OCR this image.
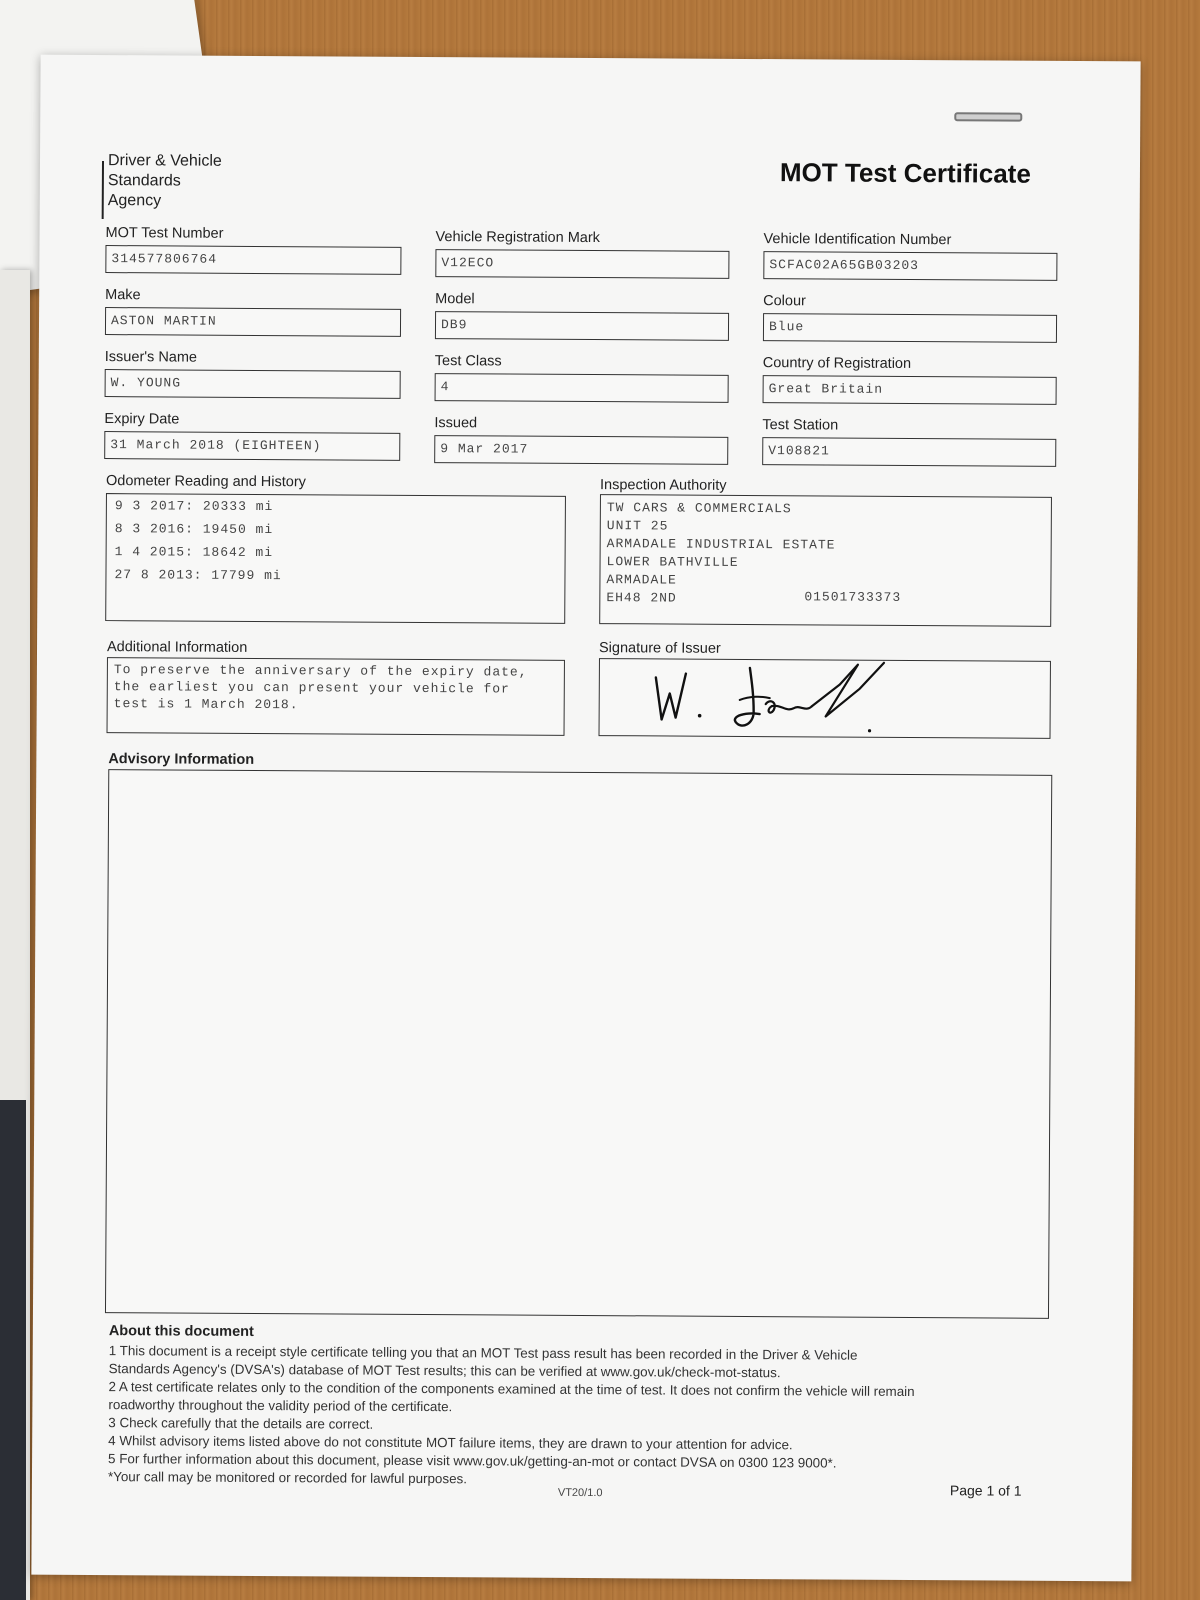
Driver & Vehicle
Standards
Agency
MOT Test Certificate
MOT Test Number
314577806764
Vehicle Registration Mark
V12ECO
Vehicle Identification Number
SCFAC02A65GB03203
Make
ASTON MARTIN
Model
DB9
Colour
Blue
Issuer's Name
W. YOUNG
Test Class
4
Country of Registration
Great Britain
Expiry Date
31 March 2018 (EIGHTEEN)
Issued
9 Mar 2017
Test Station
V108821
Odometer Reading and History
9 3 2017: 20333 mi
8 3 2016: 19450 mi
1 4 2015: 18642 mi
27 8 2013: 17799 mi
Inspection Authority
TW CARS & COMMERCIALS
UNIT 25
ARMADALE INDUSTRIAL ESTATE
LOWER BATHVILLE
ARMADALE
EH48 2ND	01501733373
Additional Information
To preserve the anniversary of the expiry date,
the earliest you can present your vehicle for
test is 1 March 2018.
Signature of Issuer
Advisory Information
About this document
1 This document is a receipt style certificate telling you that an MOT Test pass result has been recorded in the Driver & Vehicle
Standards Agency's (DVSA's) database of MOT Test results; this can be verified at www.gov.uk/check-mot-status.
2 A test certificate relates only to the condition of the components examined at the time of test. It does not confirm the vehicle will remain
roadworthy throughout the validity period of the certificate.
3 Check carefully that the details are correct.
4 Whilst advisory items listed above do not constitute MOT failure items, they are drawn to your attention for advice.
5 For further information about this document, please visit www.gov.uk/getting-an-mot or contact DVSA on 0300 123 9000*.
*Your call may be monitored or recorded for lawful purposes.
VT20/1.0	Page 1 of 1
